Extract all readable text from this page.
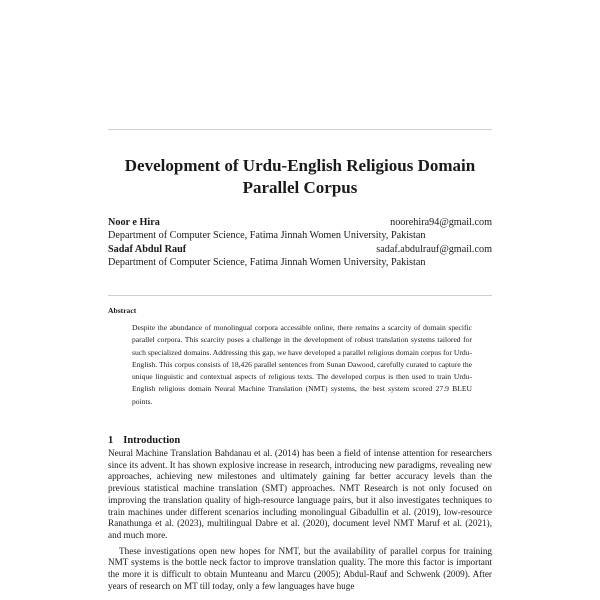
Development of Urdu-English Religious Domain
Parallel Corpus
Noor e Hira	noorehira94@gmail.com
Department of Computer Science, Fatima Jinnah Women University, Pakistan
Sadaf Abdul Rauf	sadaf.abdulrauf@gmail.com
Department of Computer Science, Fatima Jinnah Women University, Pakistan
Abstract

Despite the abundance of monolingual corpora accessible online, there remains a scarcity of domain specific parallel corpora. This scarcity poses a challenge in the development of robust translation systems tailored for such specialized domains. Addressing this gap, we have developed a parallel religious domain corpus for Urdu-English. This corpus consists of 18,426 parallel sentences from Sunan Dawood, carefully curated to capture the unique linguistic and contextual aspects of religious texts. The developed corpus is then used to train Urdu-English religious domain Neural Machine Translation (NMT) systems, the best system scored 27.9 BLEU points.

1 Introduction

Neural Machine Translation Bahdanau et al. (2014) has been a field of intense attention for researchers since its advent. It has shown explosive increase in research, introducing new paradigms, revealing new approaches, achieving new milestones and ultimately gaining far better accuracy levels than the previous statistical machine translation (SMT) approaches. NMT Research is not only focused on improving the translation quality of high-resource language pairs, but it also investigates techniques to train machines under different scenarios including monolingual Gibadullin et al. (2019), low-resource Ranathunga et al. (2023), multilingual Dabre et al. (2020), document level NMT Maruf et al. (2021), and much more.

These investigations open new hopes for NMT, but the availability of parallel corpus for training NMT systems is the bottle neck factor to improve translation quality. The more this factor is important the more it is difficult to obtain Munteanu and Marcu (2005); Abdul-Rauf and Schwenk (2009). After years of research on MT till today, only a few languages have huge
